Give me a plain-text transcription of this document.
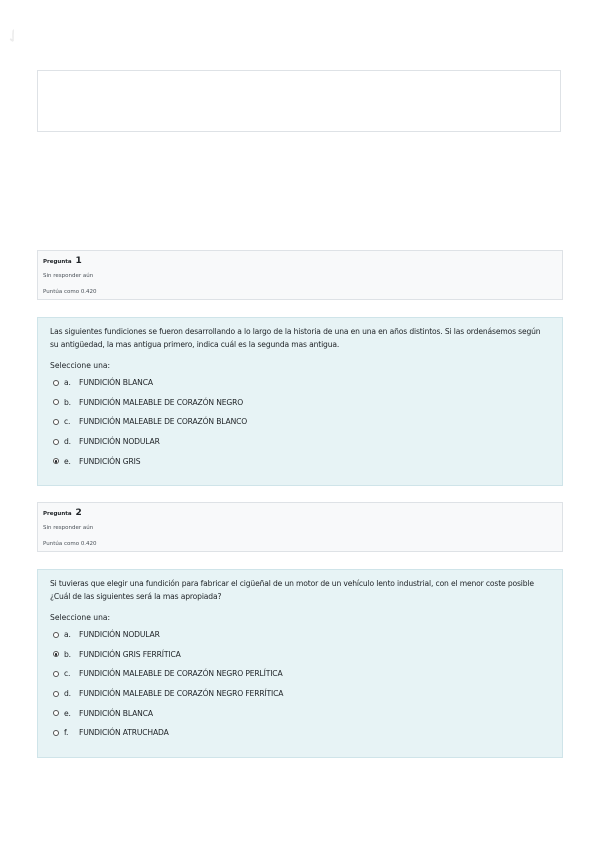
✓
Pregunta 1
Sin responder aún
Puntúa como 0.420
Las siguientes fundiciones se fueron desarrollando a lo largo de la historia de una en una en años distintos. Si las ordenásemos según su antigüedad, la mas antigua primero, indica cuál es la segunda mas antigua.
Seleccione una:
a.	FUNDICIÓN BLANCA
b.	FUNDICIÓN MALEABLE DE CORAZÓN NEGRO
c.	FUNDICIÓN MALEABLE DE CORAZÓN BLANCO
d.	FUNDICIÓN NODULAR
e.	FUNDICIÓN GRIS
Pregunta 2
Sin responder aún
Puntúa como 0.420
Si tuvieras que elegir una fundición para fabricar el cigüeñal de un motor de un vehículo lento industrial, con el menor coste posible ¿Cuál de las siguientes será la mas apropiada?
Seleccione una:
a.	FUNDICIÓN NODULAR
b.	FUNDICIÓN GRIS FERRÍTICA
c.	FUNDICIÓN MALEABLE DE CORAZÓN NEGRO PERLÍTICA
d.	FUNDICIÓN MALEABLE DE CORAZÓN NEGRO FERRÍTICA
e.	FUNDICIÓN BLANCA
f.	FUNDICIÓN ATRUCHADA
